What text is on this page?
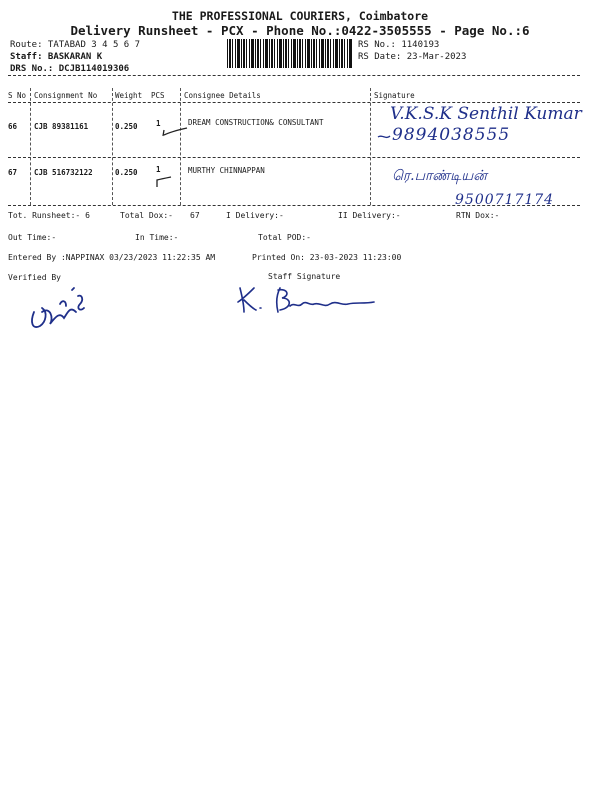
THE PROFESSIONAL COURIERS, Coimbatore
Delivery Runsheet - PCX - Phone No.:0422-3505555 - Page No.:6
Route: TATABAD 3 4 5 6 7
Staff: BASKARAN K
DRS No.: DCJB114019306
RS No.: 1140193
RS Date: 23-Mar-2023
S No Consignment No Weight PCS	Consignee Details	Signature
66 CJB 89381161	0.250 1	DREAM CONSTRUCTION& CONSULTANT	V.K.S.K Senthil Kumar
9894038555
67 CJB 516732122	0.250 1	MURTHY CHINNAPPAN	ரெ.பாண்டியன்
9500717174
Tot. Runsheet:- 6	Total Dox:- 67	I Delivery:-	II Delivery:-	RTN Dox:-
Out Time:-	In Time:-	Total POD:-
Entered By :NAPPINAX 03/23/2023 11:22:35 AM	Printed On: 23-03-2023 11:23:00
Verified By	Staff Signature
